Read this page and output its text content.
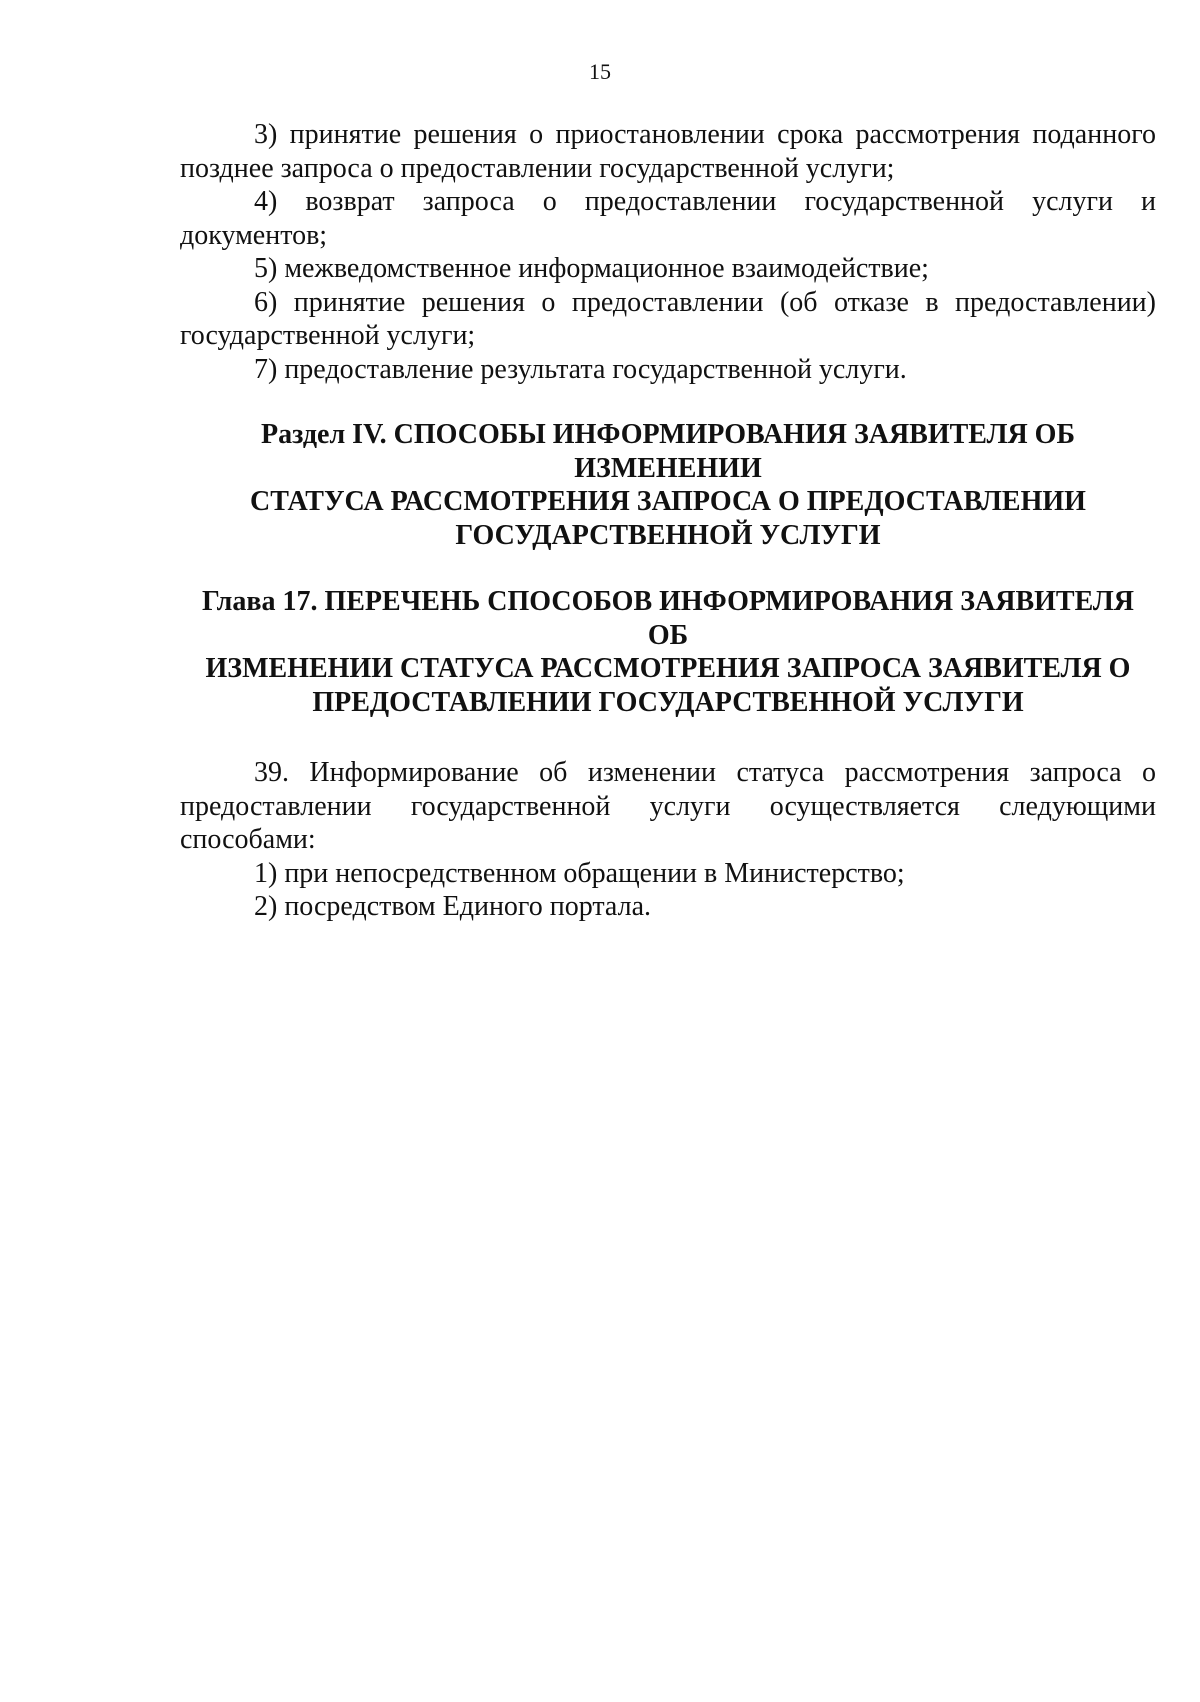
15

3) принятие решения о приостановлении срока рассмотрения поданного позднее запроса о предоставлении государственной услуги;

4) возврат запроса о предоставлении государственной услуги и документов;

5) межведомственное информационное взаимодействие;

6) принятие решения о предоставлении (об отказе в предоставлении) государственной услуги;

7) предоставление результата государственной услуги.

Раздел IV. СПОСОБЫ ИНФОРМИРОВАНИЯ ЗАЯВИТЕЛЯ ОБ ИЗМЕНЕНИИ
СТАТУСА РАССМОТРЕНИЯ ЗАПРОСА О ПРЕДОСТАВЛЕНИИ
ГОСУДАРСТВЕННОЙ УСЛУГИ
Глава 17. ПЕРЕЧЕНЬ СПОСОБОВ ИНФОРМИРОВАНИЯ ЗАЯВИТЕЛЯ ОБ
ИЗМЕНЕНИИ СТАТУСА РАССМОТРЕНИЯ ЗАПРОСА ЗАЯВИТЕЛЯ О
ПРЕДОСТАВЛЕНИИ ГОСУДАРСТВЕННОЙ УСЛУГИ

39. Информирование об изменении статуса рассмотрения запроса о предоставлении государственной услуги осуществляется следующими способами:

1) при непосредственном обращении в Министерство;

2) посредством Единого портала.
